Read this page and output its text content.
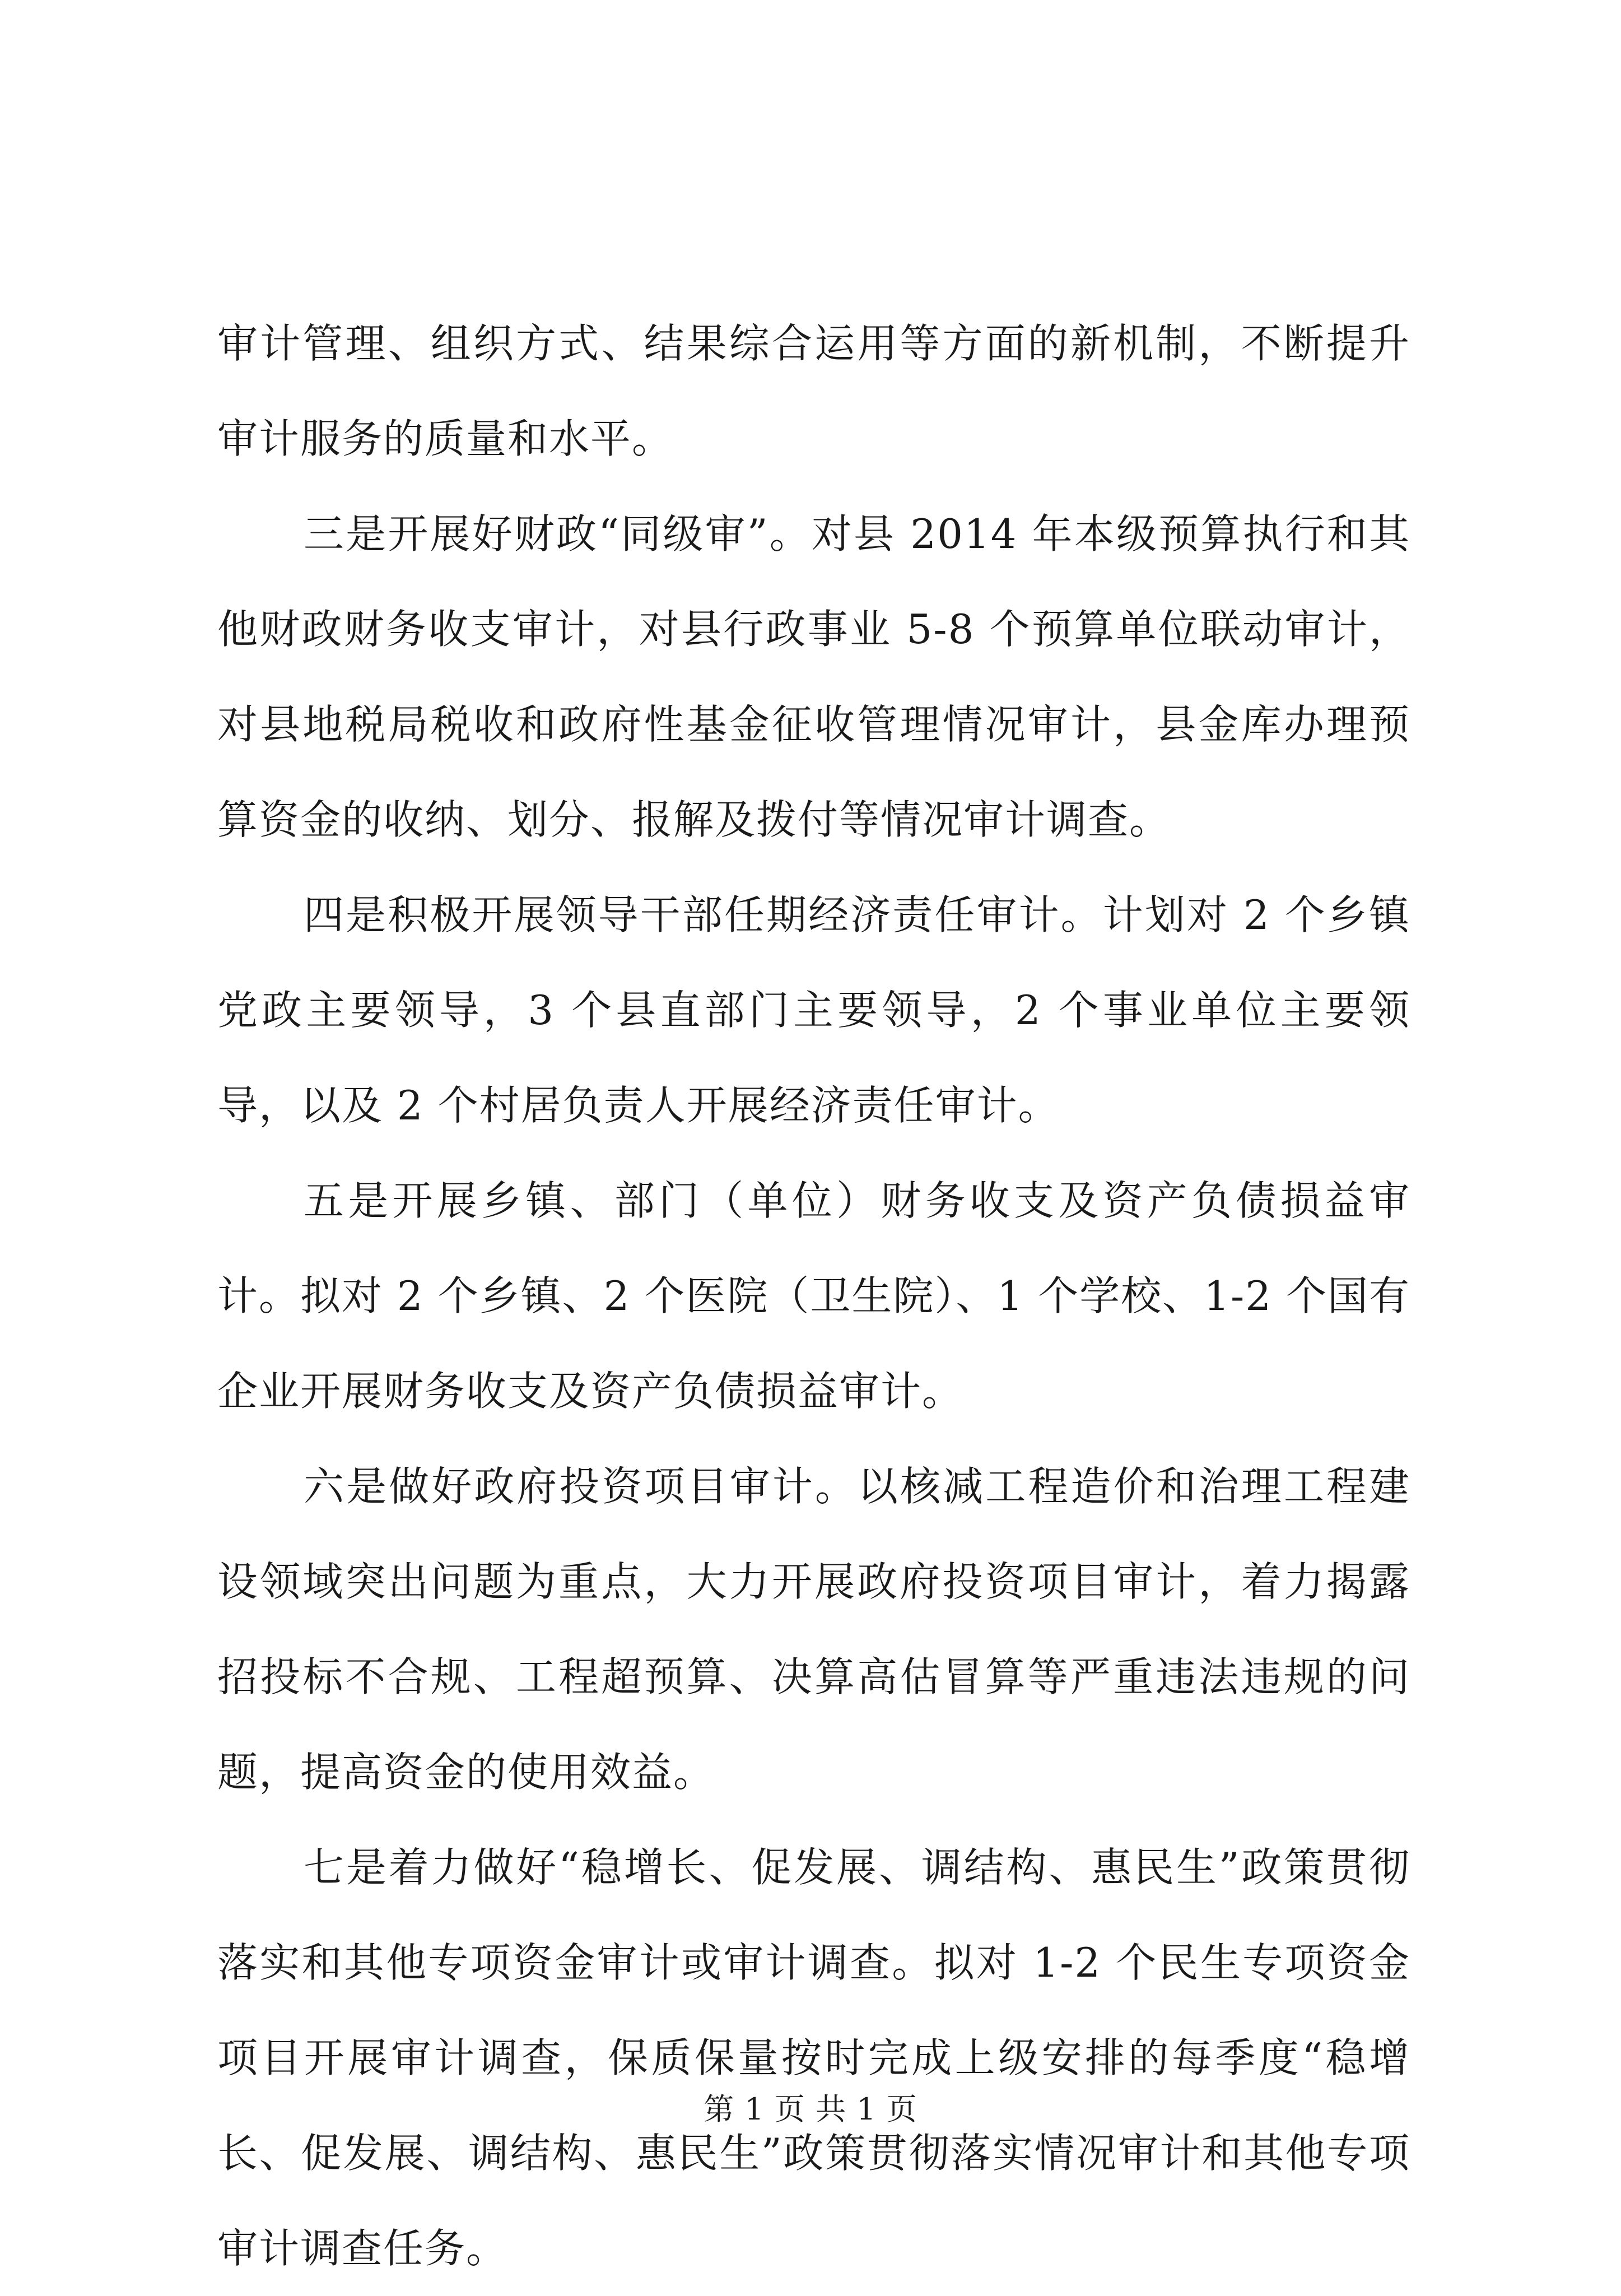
审计管理、组织方式、结果综合运用等方面的新机制，不断提升审计服务的质量和水平。

三是开展好财政“同级审”。对县 2014 年本级预算执行和其他财政财务收支审计，对县行政事业 5-8 个预算单位联动审计，对县地税局税收和政府性基金征收管理情况审计，县金库办理预算资金的收纳、划分、报解及拨付等情况审计调查。

四是积极开展领导干部任期经济责任审计。计划对 2 个乡镇党政主要领导，3 个县直部门主要领导，2 个事业单位主要领导，以及 2 个村居负责人开展经济责任审计。

五是开展乡镇、部门（单位）财务收支及资产负债损益审计。拟对 2 个乡镇、2 个医院（卫生院）、1 个学校、1-2 个国有企业开展财务收支及资产负债损益审计。

六是做好政府投资项目审计。以核减工程造价和治理工程建设领域突出问题为重点，大力开展政府投资项目审计，着力揭露招投标不合规、工程超预算、决算高估冒算等严重违法违规的问题，提高资金的使用效益。

七是着力做好“稳增长、促发展、调结构、惠民生”政策贯彻落实和其他专项资金审计或审计调查。拟对 1-2 个民生专项资金项目开展审计调查，保质保量按时完成上级安排的每季度“稳增长、促发展、调结构、惠民生”政策贯彻落实情况审计和其他专项审计调查任务。

第 1 页 共 1 页
